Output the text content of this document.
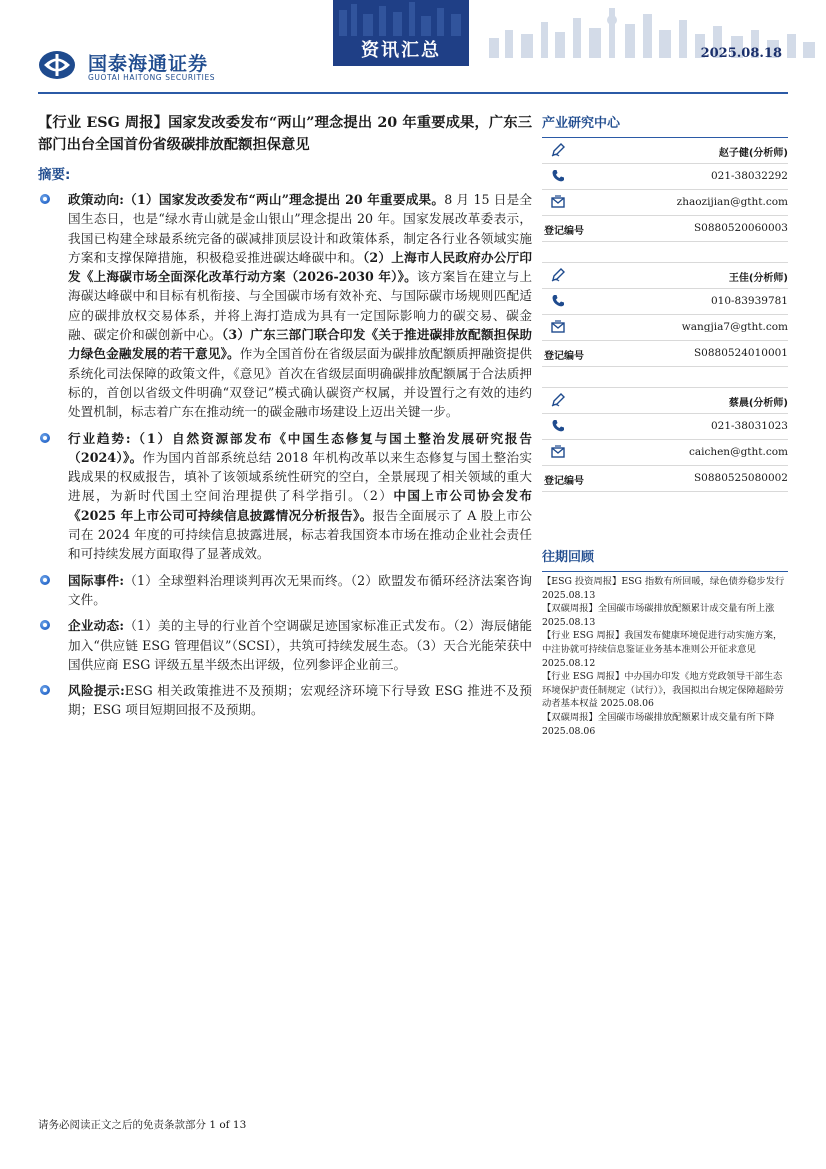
国泰海通证券
GUOTAI HAITONG SECURITIES
资讯汇总	2025.08.18
【行业 ESG 周报】国家发改委发布“两山”理念提出 20 年重要成果，广东三部门出台全国首份省级碳排放配额担保意见
摘要:
政策动向:（1）国家发改委发布“两山”理念提出 20 年重要成果。8 月 15 日是全国生态日，也是“绿水青山就是金山银山”理念提出 20 年。国家发展改革委表示，我国已构建全球最系统完备的碳减排顶层设计和政策体系，制定各行业各领域实施方案和支撑保障措施，积极稳妥推进碳达峰碳中和。（2）上海市人民政府办公厅印发《上海碳市场全面深化改革行动方案（2026-2030 年）》。该方案旨在建立与上海碳达峰碳中和目标有机衔接、与全国碳市场有效补充、与国际碳市场规则匹配适应的碳排放权交易体系，并将上海打造成为具有一定国际影响力的碳交易、碳金融、碳定价和碳创新中心。（3）广东三部门联合印发《关于推进碳排放配额担保助力绿色金融发展的若干意见》。作为全国首份在省级层面为碳排放配额质押融资提供系统化司法保障的政策文件，《意见》首次在省级层面明确碳排放配额属于合法质押标的，首创以省级文件明确“双登记”模式确认碳资产权属，并设置行之有效的违约处置机制，标志着广东在推动统一的碳金融市场建设上迈出关键一步。
行业趋势:（1）自然资源部发布《中国生态修复与国土整治发展研究报告（2024）》。作为国内首部系统总结 2018 年机构改革以来生态修复与国土整治实践成果的权威报告，填补了该领域系统性研究的空白，全景展现了相关领域的重大进展，为新时代国土空间治理提供了科学指引。（2）中国上市公司协会发布《2025 年上市公司可持续信息披露情况分析报告》。报告全面展示了 A 股上市公司在 2024 年度的可持续信息披露进展，标志着我国资本市场在推动企业社会责任和可持续发展方面取得了显著成效。
国际事件:（1）全球塑料治理谈判再次无果而终。（2）欧盟发布循环经济法案咨询文件。
企业动态:（1）美的主导的行业首个空调碳足迹国家标准正式发布。（2）海辰储能加入“供应链 ESG 管理倡议”（SCSI），共筑可持续发展生态。（3）天合光能荣获中国供应商 ESG 评级五星半级杰出评级，位列参评企业前三。
风险提示:ESG 相关政策推进不及预期；宏观经济环境下行导致 ESG 推进不及预期；ESG 项目短期回报不及预期。
产业研究中心
赵子健(分析师)
021-38032292
zhaozijian@gtht.com
登记编号	S0880520060003
王佳(分析师)
010-83939781
wangjia7@gtht.com
登记编号	S0880524010001
蔡晨(分析师)
021-38031023
caichen@gtht.com
登记编号	S0880525080002
往期回顾
【ESG 投资周报】ESG 指数有所回暖，绿色债券稳步发行 2025.08.13
【双碳周报】全国碳市场碳排放配额累计成交量有所上涨 2025.08.13
【行业 ESG 周报】我国发布健康环境促进行动实施方案，中注协就可持续信息鉴证业务基本准则公开征求意见 2025.08.12
【行业 ESG 周报】中办国办印发《地方党政领导干部生态环境保护责任制规定（试行）》，我国拟出台规定保障超龄劳动者基本权益 2025.08.06
【双碳周报】全国碳市场碳排放配额累计成交量有所下降 2025.08.06
请务必阅读正文之后的免责条款部分 1 of 13
